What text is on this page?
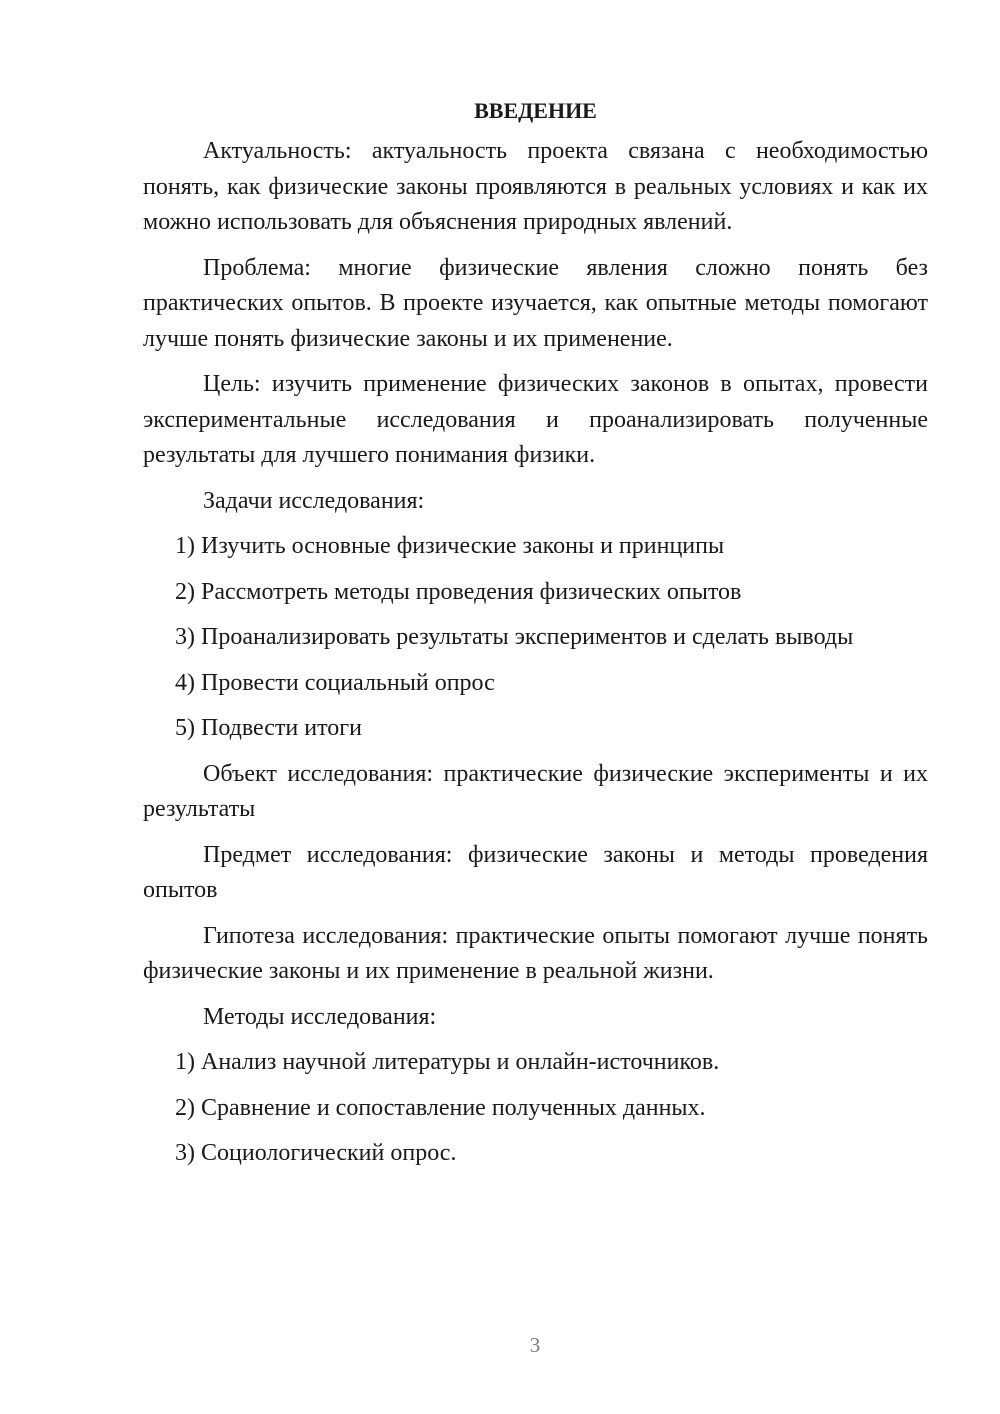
ВВЕДЕНИЕ

Актуальность: актуальность проекта связана с необходимостью понять, как физические законы проявляются в реальных условиях и как их можно использовать для объяснения природных явлений.

Проблема: многие физические явления сложно понять без практических опытов. В проекте изучается, как опытные методы помогают лучше понять физические законы и их применение.

Цель: изучить применение физических законов в опытах, провести экспериментальные исследования и проанализировать полученные результаты для лучшего понимания физики.

Задачи исследования:

1) Изучить основные физические законы и принципы
2) Рассмотреть методы проведения физических опытов
3) Проанализировать результаты экспериментов и сделать выводы
4) Провести социальный опрос
5) Подвести итоги

Объект исследования: практические физические эксперименты и их результаты

Предмет исследования: физические законы и методы проведения опытов

Гипотеза исследования: практические опыты помогают лучше понять физические законы и их применение в реальной жизни.

Методы исследования:

1) Анализ научной литературы и онлайн-источников.
2) Сравнение и сопоставление полученных данных.
3) Социологический опрос.
3
